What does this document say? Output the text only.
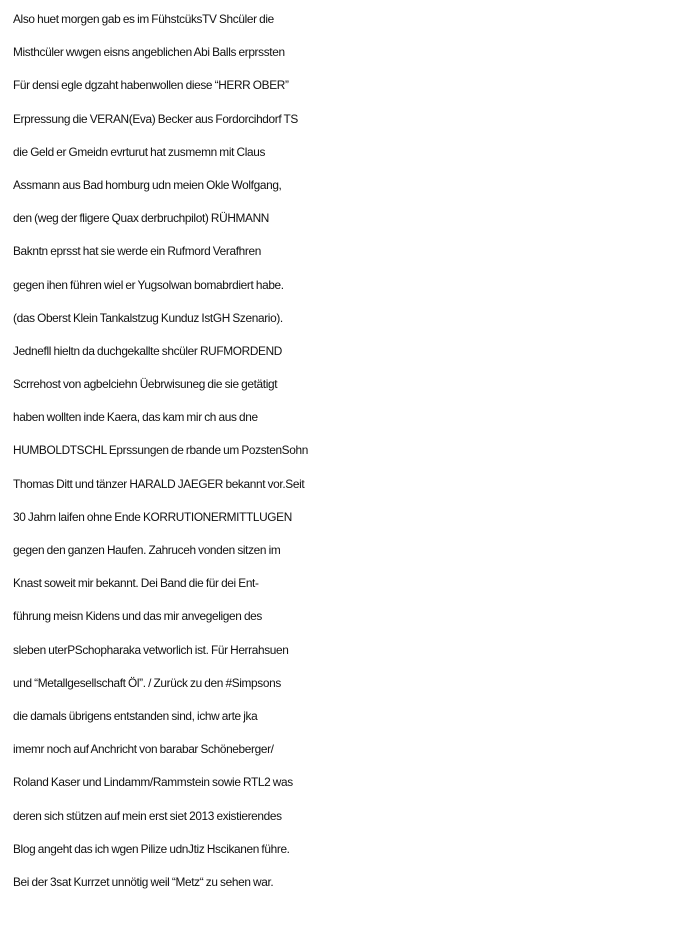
Also huet morgen gab es im FühstcüksTV Shcüler die
Misthcüler wwgen eisns angeblichen Abi Balls erprssten
Für densi egle dgzaht habenwollen diese “HERR OBER”
Erpressung die VERAN(Eva) Becker aus Fordorcihdorf TS
die Geld er Gmeidn evrturut hat zusmemn mit Claus
Assmann aus Bad homburg udn meien Okle Wolfgang,
den (weg der fligere Quax derbruchpilot) RÜHMANN
Bakntn eprsst hat sie werde ein Rufmord Verafhren
gegen ihen führen wiel er Yugsolwan bomabrdiert habe.
(das Oberst Klein Tankalstzug Kunduz IstGH Szenario).
Jednefll hieltn da duchgekallte shcüler RUFMORDEND
Scrrehost von agbelciehn Üebrwisuneg die sie getätigt
haben wollten inde Kaera, das kam mir ch aus dne
HUMBOLDTSCHL Eprssungen de rbande um PozstenSohn
Thomas Ditt und tänzer HARALD JAEGER bekannt vor.Seit
30 Jahrn laifen ohne Ende KORRUTIONERMITTLUGEN
gegen den ganzen Haufen. Zahruceh vonden sitzen im
Knast soweit mir bekannt. Dei Band die für dei Ent-
führung meisn Kidens und das mir anvegeligen des
sleben uterPSchopharaka vetworlich ist. Für Herrahsuen
und “Metallgesellschaft Öl”. / Zurück zu den #Simpsons
die damals übrigens entstanden sind, ichw arte jka
imemr noch auf Anchricht von barabar Schöneberger/
Roland Kaser und Lindamm/Rammstein sowie RTL2 was
deren sich stützen auf mein erst siet 2013 existierendes
Blog angeht das ich wgen Pilize udnJtiz Hscikanen führe.
Bei der 3sat Kurrzet unnötig weil “Metz“ zu sehen war.
